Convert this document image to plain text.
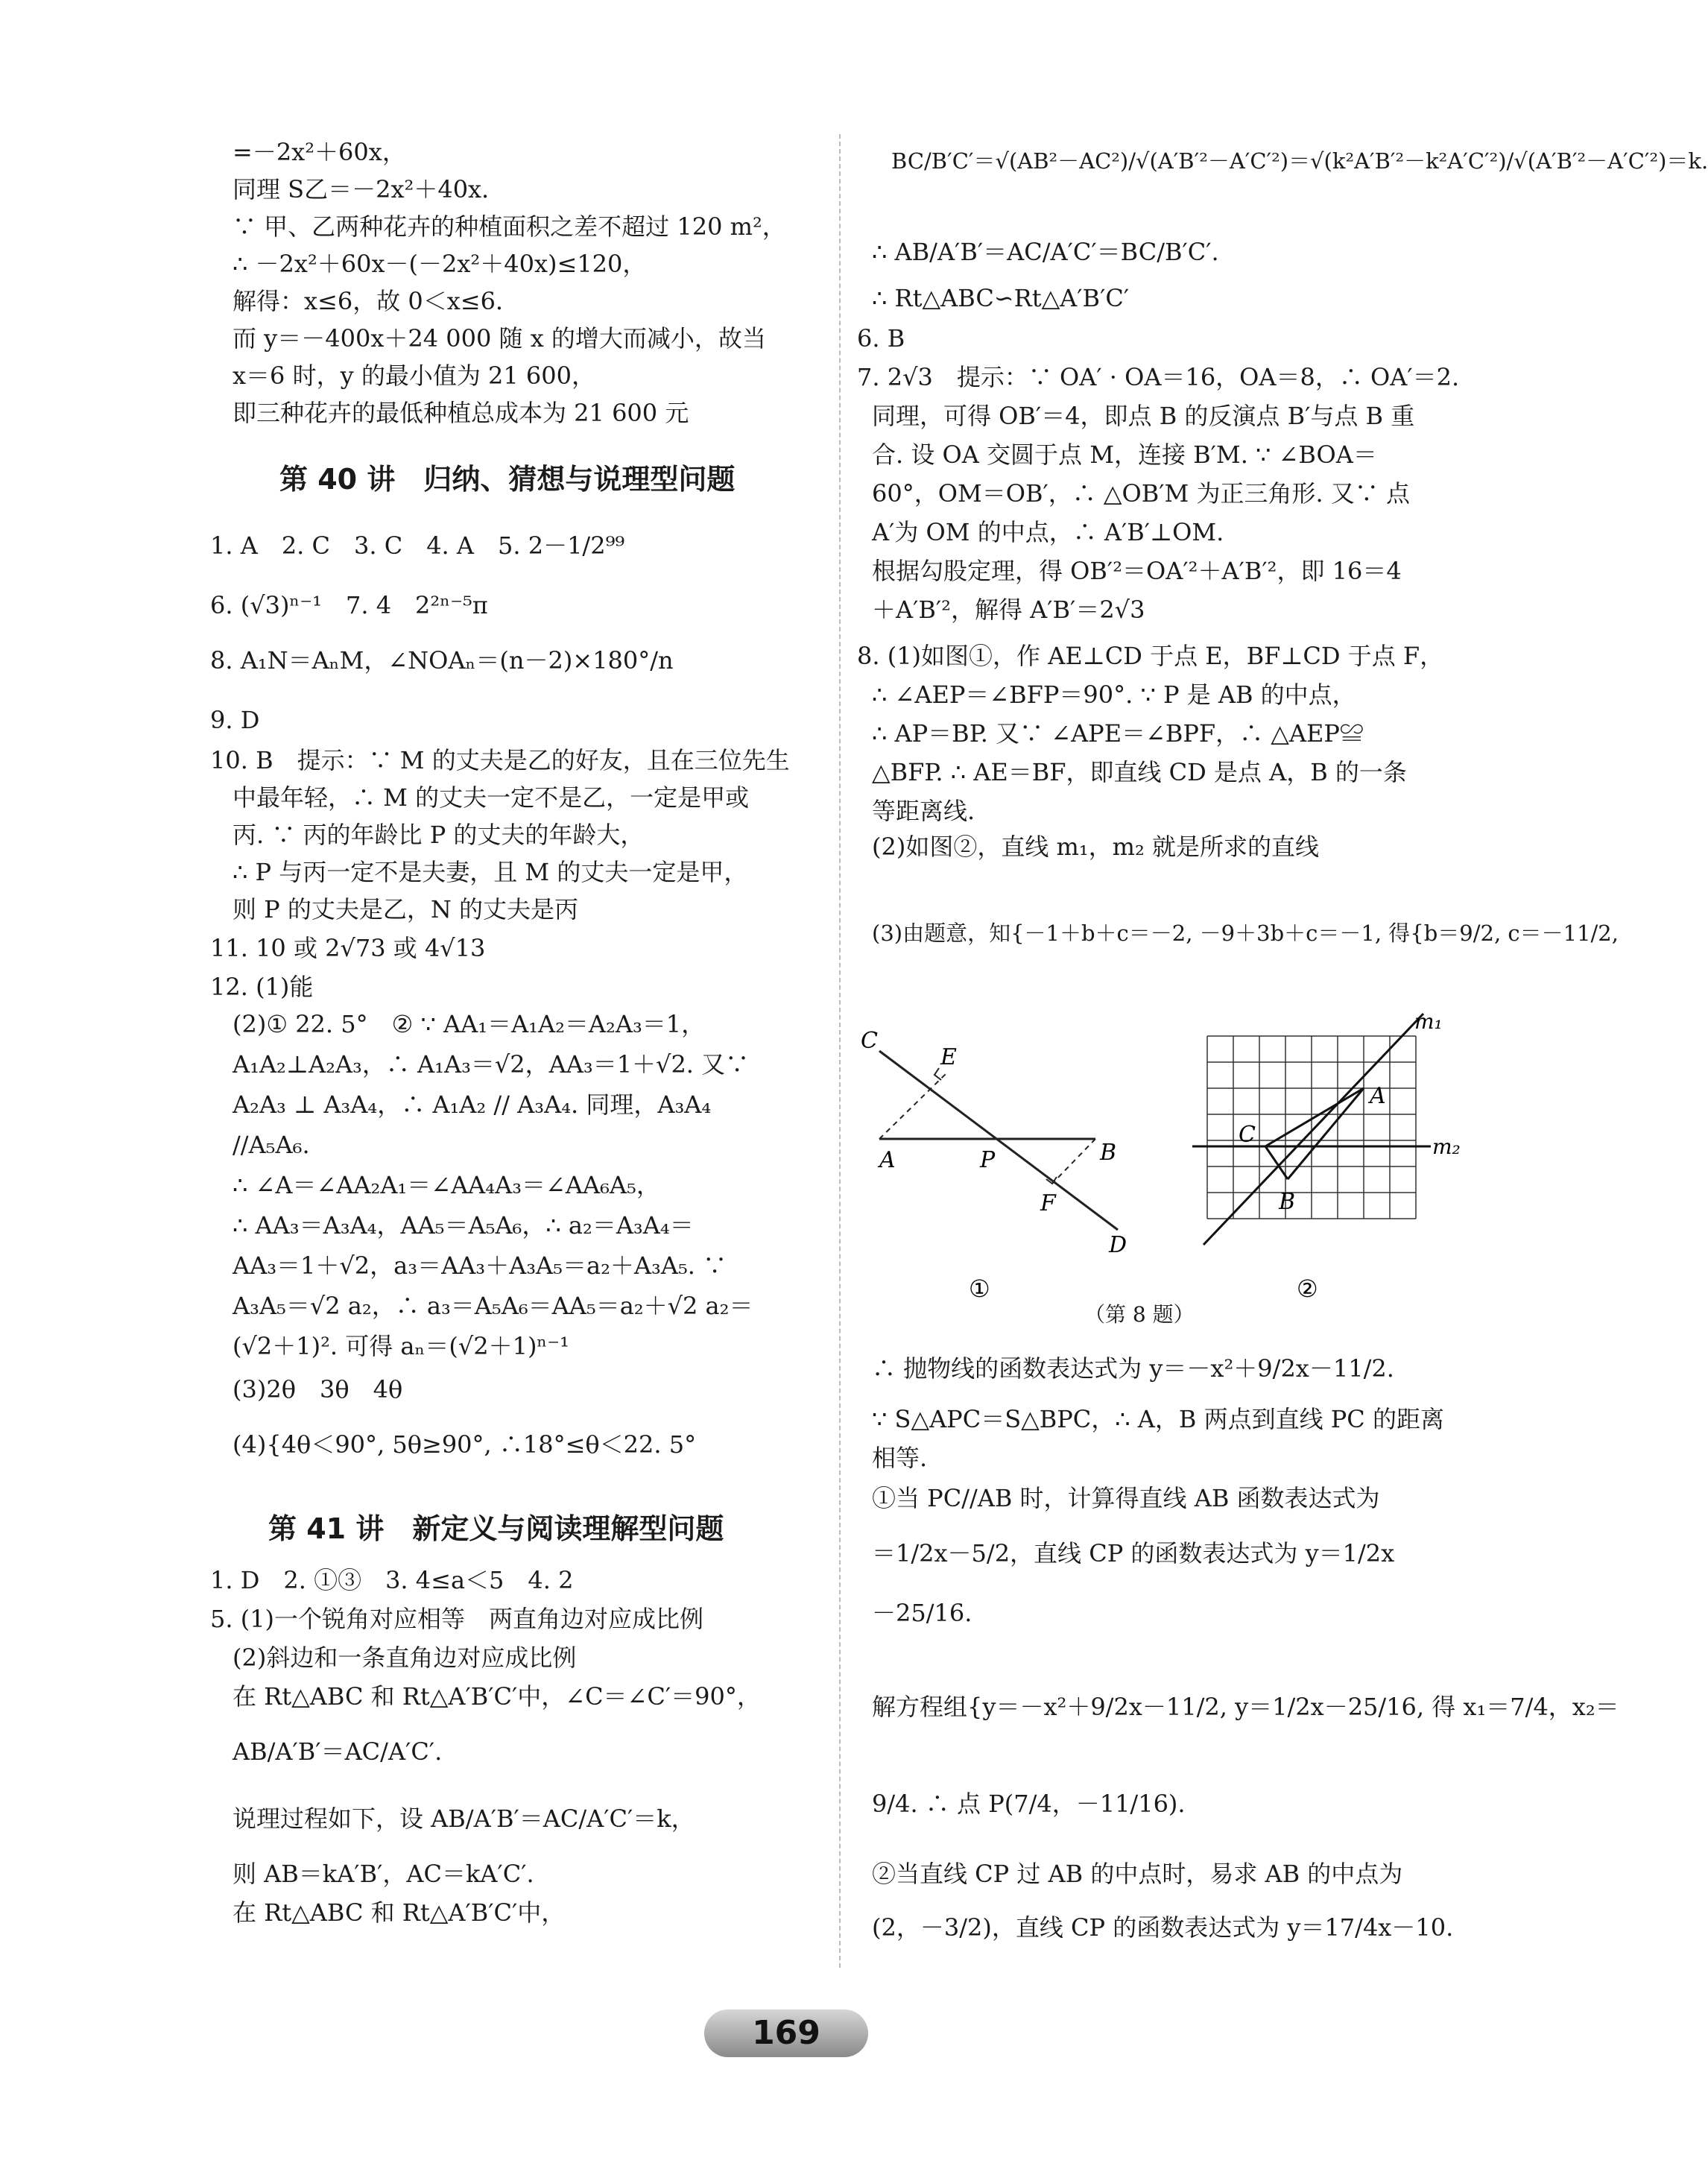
=－2x²＋60x，
同理 S乙＝－2x²＋40x．
∵ 甲、乙两种花卉的种植面积之差不超过 120 m²，
∴ －2x²＋60x－(－2x²＋40x)≤120，
解得：x≤6，故 0＜x≤6．
而 y＝－400x＋24 000 随 x 的增大而减小，故当
x＝6 时，y 的最小值为 21 600，
即三种花卉的最低种植总成本为 21 600 元
第 40 讲　归纳、猜想与说理型问题
1. A　2. C　3. C　4. A　5. 2－1/2⁹⁹
6. (√3)ⁿ⁻¹　7. 4　2²ⁿ⁻⁵π
8. A₁N＝AₙM，∠NOAₙ＝(n－2)×180°/n
9. D
10. B　提示：∵ M 的丈夫是乙的好友，且在三位先生
中最年轻，∴ M 的丈夫一定不是乙，一定是甲或
丙. ∵ 丙的年龄比 P 的丈夫的年龄大，
∴ P 与丙一定不是夫妻，且 M 的丈夫一定是甲，
则 P 的丈夫是乙，N 的丈夫是丙
11. 10 或 2√73 或 4√13
12. (1)能
(2)① 22. 5°　② ∵ AA₁＝A₁A₂＝A₂A₃＝1，
A₁A₂⊥A₂A₃，∴ A₁A₃＝√2，AA₃＝1＋√2. 又∵
A₂A₃ ⊥ A₃A₄，∴ A₁A₂ // A₃A₄. 同理，A₃A₄
//A₅A₆.
∴ ∠A＝∠AA₂A₁＝∠AA₄A₃＝∠AA₆A₅，
∴ AA₃＝A₃A₄，AA₅＝A₅A₆，∴ a₂＝A₃A₄＝
AA₃＝1＋√2，a₃＝AA₃＋A₃A₅＝a₂＋A₃A₅. ∵
A₃A₅＝√2 a₂，∴ a₃＝A₅A₆＝AA₅＝a₂＋√2 a₂＝
(√2＋1)². 可得 aₙ＝(√2＋1)ⁿ⁻¹
(3)2θ　3θ　4θ
(4){4θ＜90°, 5θ≥90°, ∴18°≤θ＜22. 5°
第 41 讲　新定义与阅读理解型问题
1. D　2. ①③　3. 4≤a＜5　4. 2
5. (1)一个锐角对应相等　两直角边对应成比例
(2)斜边和一条直角边对应成比例
在 Rt△ABC 和 Rt△A′B′C′中，∠C＝∠C′＝90°，
AB/A′B′＝AC/A′C′.
说理过程如下，设 AB/A′B′＝AC/A′C′＝k，
则 AB＝kA′B′，AC＝kA′C′.
在 Rt△ABC 和 Rt△A′B′C′中，
BC/B′C′＝√(AB²－AC²)/√(A′B′²－A′C′²)＝√(k²A′B′²－k²A′C′²)/√(A′B′²－A′C′²)＝k.
∴ AB/A′B′＝AC/A′C′＝BC/B′C′.
∴ Rt△ABC∽Rt△A′B′C′
6. B
7. 2√3　提示：∵ OA′ · OA＝16，OA＝8，∴ OA′＝2.
同理，可得 OB′＝4，即点 B 的反演点 B′与点 B 重
合. 设 OA 交圆于点 M，连接 B′M. ∵ ∠BOA＝
60°，OM＝OB′，∴ △OB′M 为正三角形. 又∵ 点
A′为 OM 的中点，∴ A′B′⊥OM.
根据勾股定理，得 OB′²＝OA′²＋A′B′²，即 16＝4
＋A′B′²，解得 A′B′＝2√3
8. (1)如图①，作 AE⊥CD 于点 E，BF⊥CD 于点 F，
∴ ∠AEP＝∠BFP＝90°. ∵ P 是 AB 的中点，
∴ AP＝BP. 又∵ ∠APE＝∠BPF，∴ △AEP≌
△BFP. ∴ AE＝BF，即直线 CD 是点 A，B 的一条
等距离线.
(2)如图②，直线 m₁，m₂ 就是所求的直线
(3)由题意，知{－1＋b＋c＝－2, －9＋3b＋c＝－1, 得{b＝9/2, c＝－11/2,
C
E
A	P	B
F
D
①
m₁
A
C	m₂
B
②
（第 8 题）
∴ 抛物线的函数表达式为 y＝－x²＋9/2x－11/2.
∵ S△APC＝S△BPC，∴ A，B 两点到直线 PC 的距离
相等.
①当 PC//AB 时，计算得直线 AB 函数表达式为
＝1/2x－5/2，直线 CP 的函数表达式为 y＝1/2x
－25/16.
解方程组{y＝－x²＋9/2x－11/2, y＝1/2x－25/16, 得 x₁＝7/4，x₂＝
9/4. ∴ 点 P(7/4，－11/16).
②当直线 CP 过 AB 的中点时，易求 AB 的中点为
(2，－3/2)，直线 CP 的函数表达式为 y＝17/4x－10.
169
